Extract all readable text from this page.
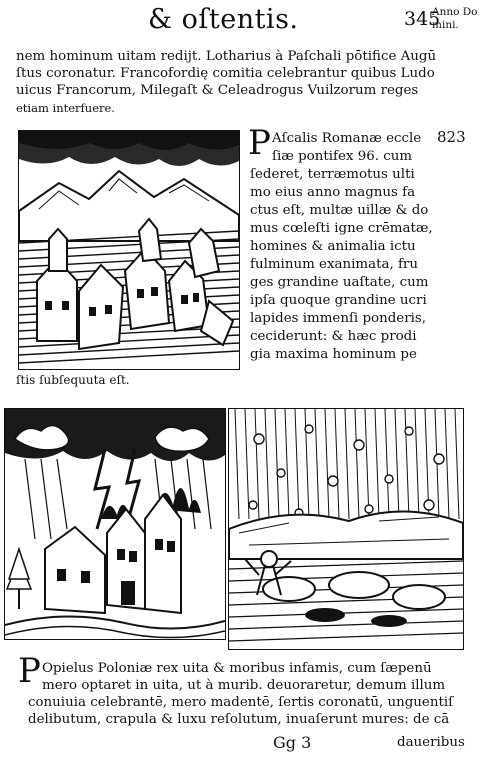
& oſtentis.	345
Anno Do
mini.
nem hominum uitam rediјt. Lotharius à Paſchali pōtifice Augū
ſtus coronatur. Francofordię comitia celebrantur quibus Ludo
uicus Francorum, Milegaſt & Celeadrogus Vuilzorum reges
etiam interfuere.
823
P Aſcalis Romanæ eccle
ſiæ pontifex 96. cum
ſederet, terræmotus ulti
mo eius anno magnus fa
ctus eſt, multæ uillæ & do
mus cœleſti igne crēmatæ,
homines & animalia ictu
fulminum exanimata, fru
ges grandine uaſtate, cum
ipſa quoque grandine ucri
lapides immenſi ponderis,
ceciderunt: & hæc prodi
gia maxima hominum pe
ſtis ſubſequuta eſt.
P Opielus Poloniæ rex uita & moribus infamis, cum ſæpenū
mero optaret in uita, ut à murib. deuoraretur, demum illum
conuiuia celebrantē, mero madentē, ſertis coronatū, unguentiſ
delibutum, crapula & luxu reſolutum, inuaſerunt mures: de cā
Gg 3	daueribus
